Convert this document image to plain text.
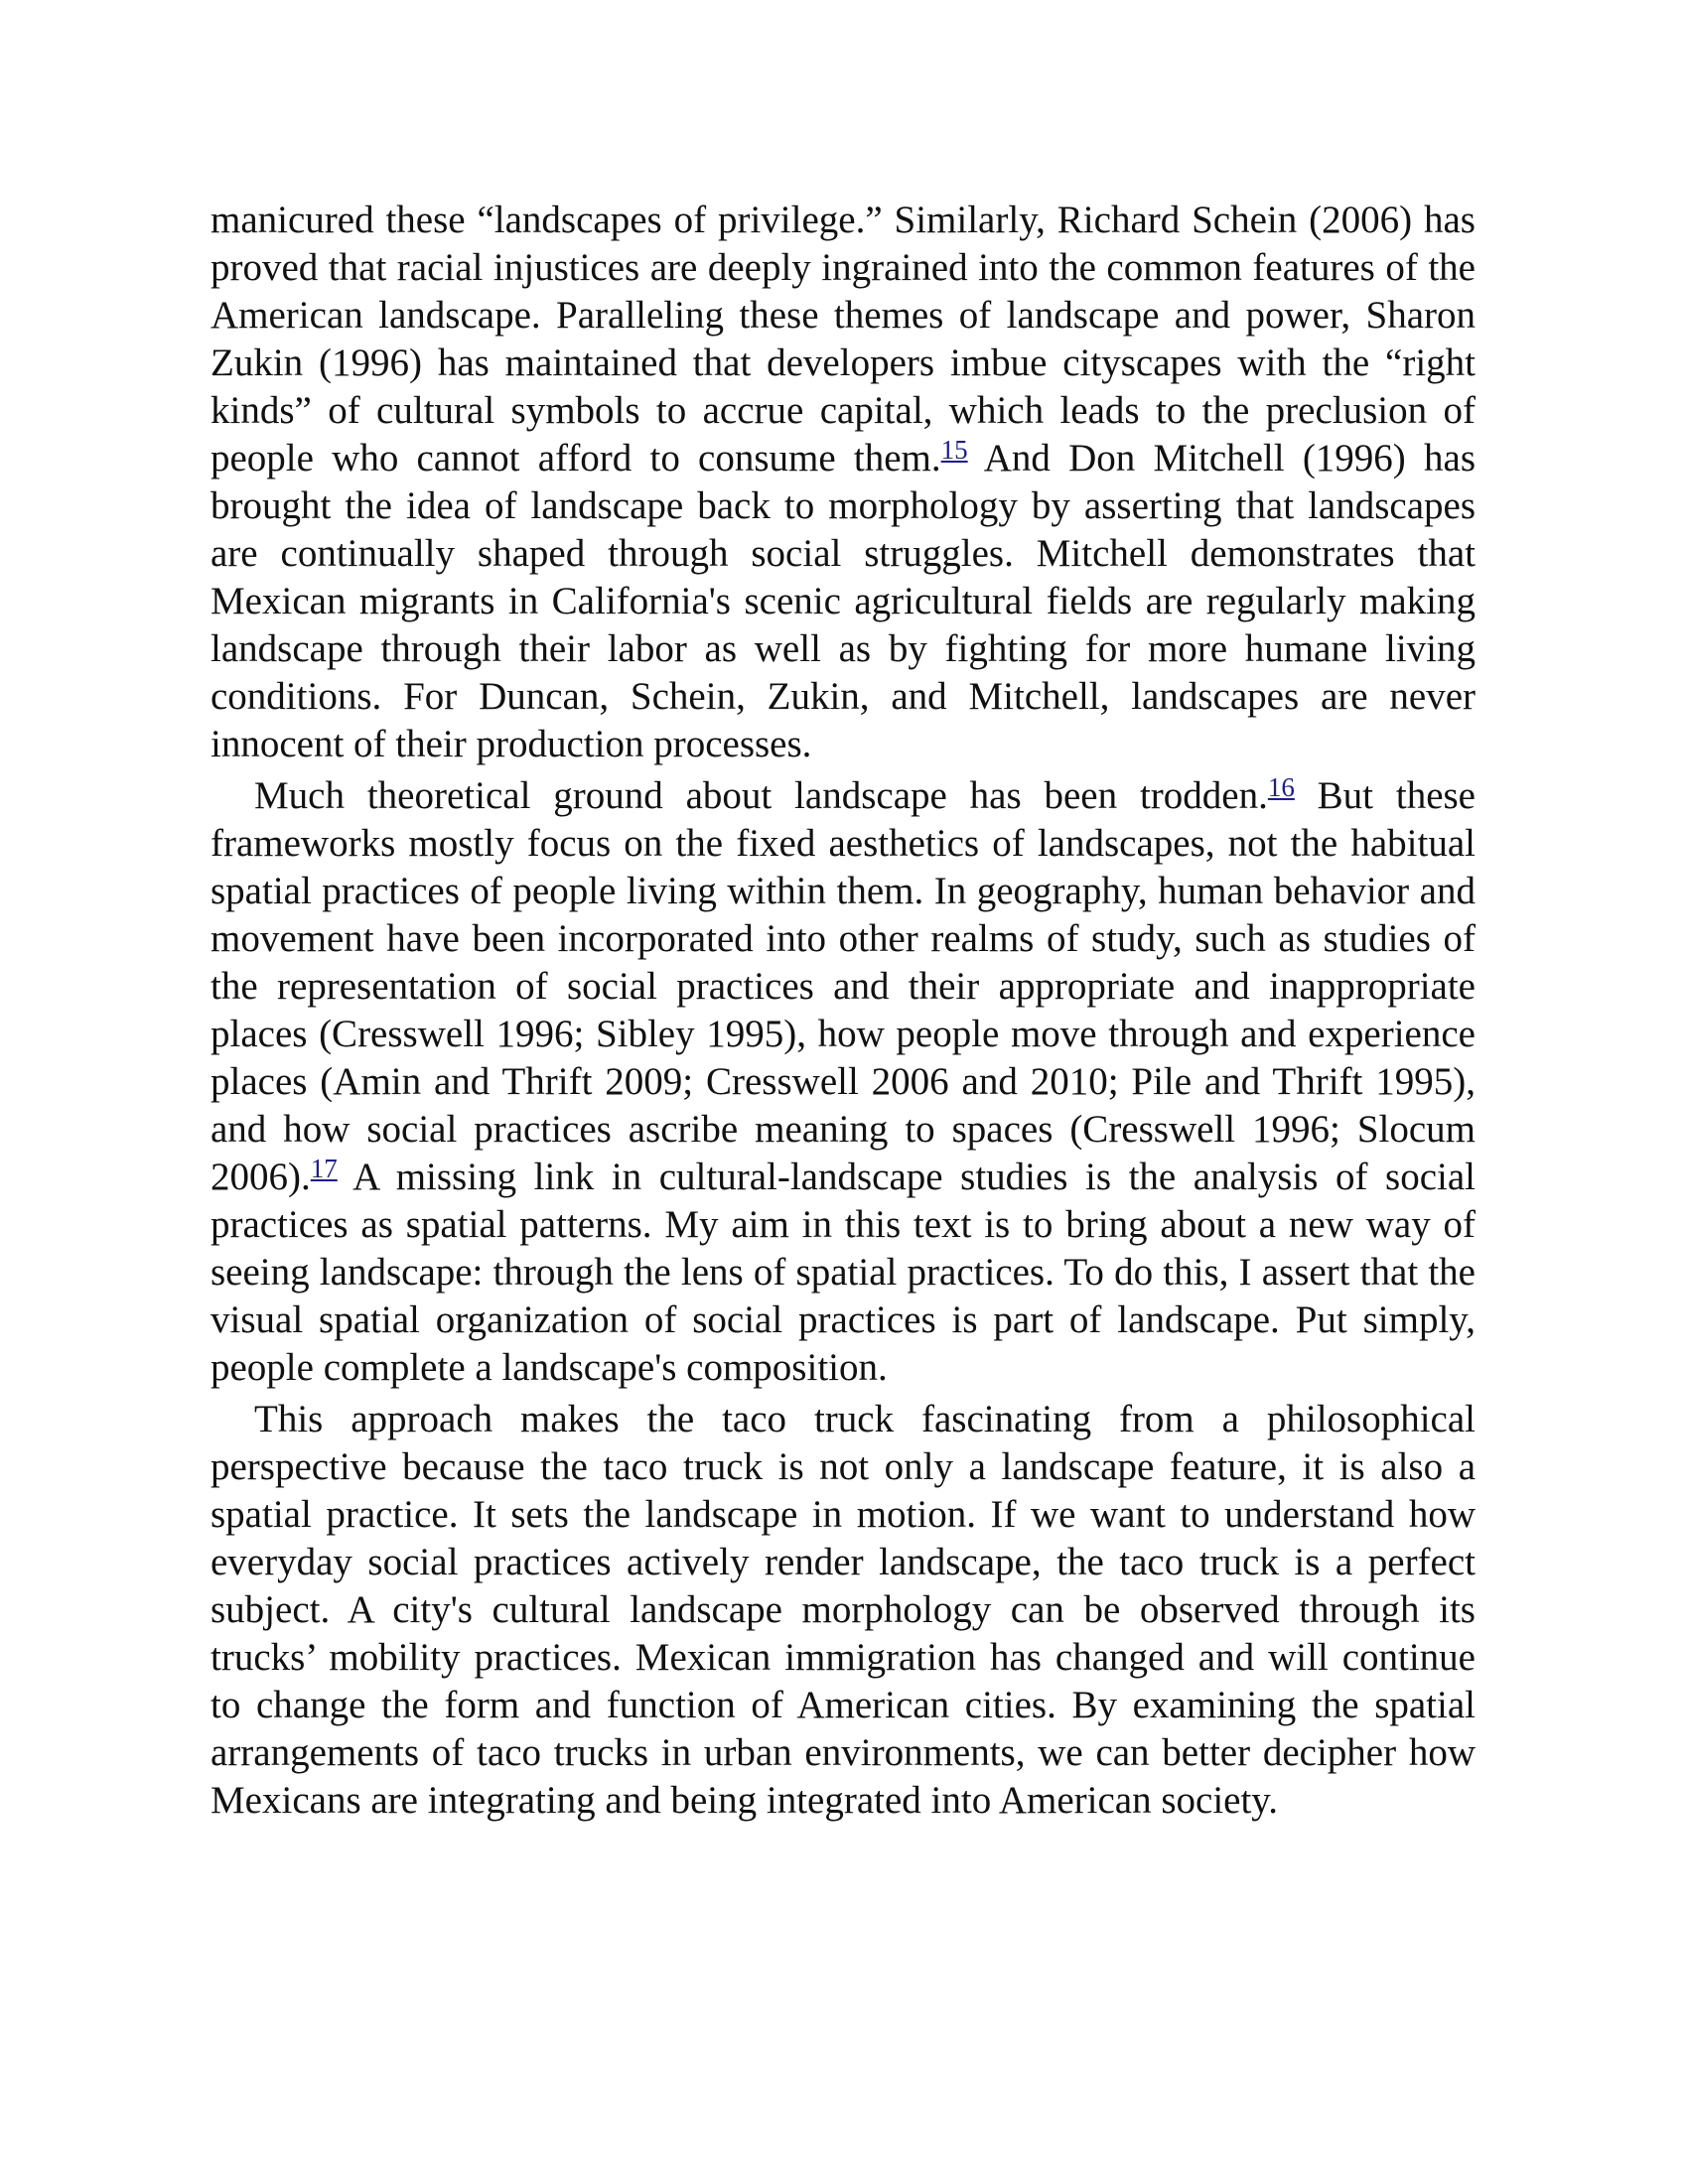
manicured these “landscapes of privilege.” Similarly, Richard Schein (2006) has proved that racial injustices are deeply ingrained into the common features of the American landscape. Paralleling these themes of landscape and power, Sharon Zukin (1996) has maintained that developers imbue cityscapes with the “right kinds” of cultural symbols to accrue capital, which leads to the preclusion of people who cannot afford to consume them.$^{15}$ And Don Mitchell (1996) has brought the idea of landscape back to morphology by asserting that landscapes are continually shaped through social struggles. Mitchell demonstrates that Mexican migrants in California's scenic agricultural fields are regularly making landscape through their labor as well as by fighting for more humane living conditions. For Duncan, Schein, Zukin, and Mitchell, landscapes are never innocent of their production processes.

Much theoretical ground about landscape has been trodden.$^{16}$ But these frameworks mostly focus on the fixed aesthetics of landscapes, not the habitual spatial practices of people living within them. In geography, human behavior and movement have been incorporated into other realms of study, such as studies of the representation of social practices and their appropriate and inappropriate places (Cresswell 1996; Sibley 1995), how people move through and experience places (Amin and Thrift 2009; Cresswell 2006 and 2010; Pile and Thrift 1995), and how social practices ascribe meaning to spaces (Cresswell 1996; Slocum 2006).$^{17}$ A missing link in cultural-landscape studies is the analysis of social practices as spatial patterns. My aim in this text is to bring about a new way of seeing landscape: through the lens of spatial practices. To do this, I assert that the visual spatial organization of social practices is part of landscape. Put simply, people complete a landscape's composition.

This approach makes the taco truck fascinating from a philosophical perspective because the taco truck is not only a landscape feature, it is also a spatial practice. It sets the landscape in motion. If we want to understand how everyday social practices actively render landscape, the taco truck is a perfect subject. A city's cultural landscape morphology can be observed through its trucks’ mobility practices. Mexican immigration has changed and will continue to change the form and function of American cities. By examining the spatial arrangements of taco trucks in urban environments, we can better decipher how Mexicans are integrating and being integrated into American society.
